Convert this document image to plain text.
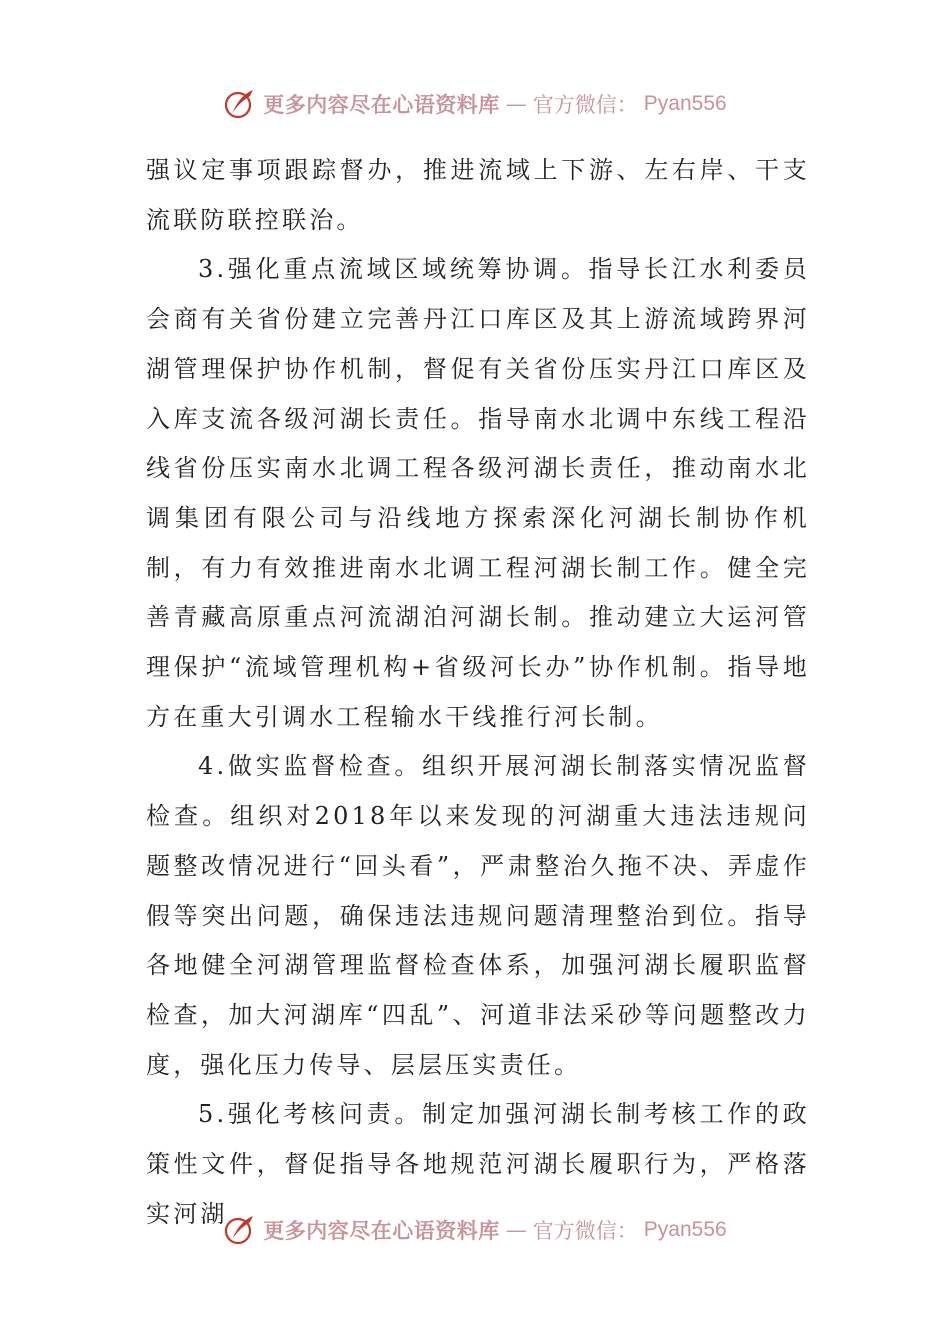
更多内容尽在心语资料库 — 官方微信： Pyan556

强议定事项跟踪督办，推进流域上下游、左右岸、干支流联防联控联治。

3.强化重点流域区域统筹协调。指导长江水利委员会商有关省份建立完善丹江口库区及其上游流域跨界河湖管理保护协作机制，督促有关省份压实丹江口库区及入库支流各级河湖长责任。指导南水北调中东线工程沿线省份压实南水北调工程各级河湖长责任，推动南水北调集团有限公司与沿线地方探索深化河湖长制协作机制，有力有效推进南水北调工程河湖长制工作。健全完善青藏高原重点河流湖泊河湖长制。推动建立大运河管理保护“流域管理机构+省级河长办”协作机制。指导地方在重大引调水工程输水干线推行河长制。

4.做实监督检查。组织开展河湖长制落实情况监督检查。组织对2018年以来发现的河湖重大违法违规问题整改情况进行“回头看”，严肃整治久拖不决、弄虚作假等突出问题，确保违法违规问题清理整治到位。指导各地健全河湖管理监督检查体系，加强河湖长履职监督检查，加大河湖库“四乱”、河道非法采砂等问题整改力度，强化压力传导、层层压实责任。

5.强化考核问责。制定加强河湖长制考核工作的政策性文件，督促指导各地规范河湖长履职行为，严格落实河湖

更多内容尽在心语资料库 — 官方微信： Pyan556
